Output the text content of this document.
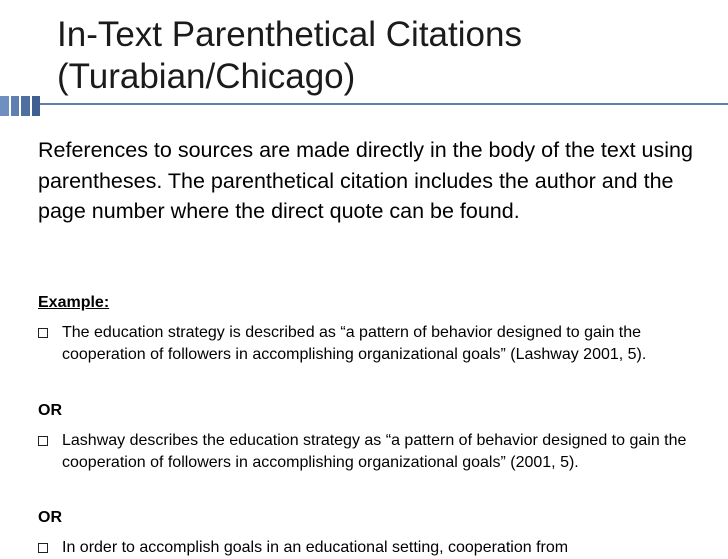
In-Text Parenthetical Citations
(Turabian/Chicago)
References to sources are made directly in the body of the text using parentheses. The parenthetical citation includes the author and the page number where the direct quote can be found.
Example:
The education strategy is described as “a pattern of behavior designed to gain the cooperation of followers in accomplishing organizational goals” (Lashway 2001, 5).
OR
Lashway describes the education strategy as “a pattern of behavior designed to gain the cooperation of followers in accomplishing organizational goals” (2001, 5).
OR
In order to accomplish goals in an educational setting, cooperation from
